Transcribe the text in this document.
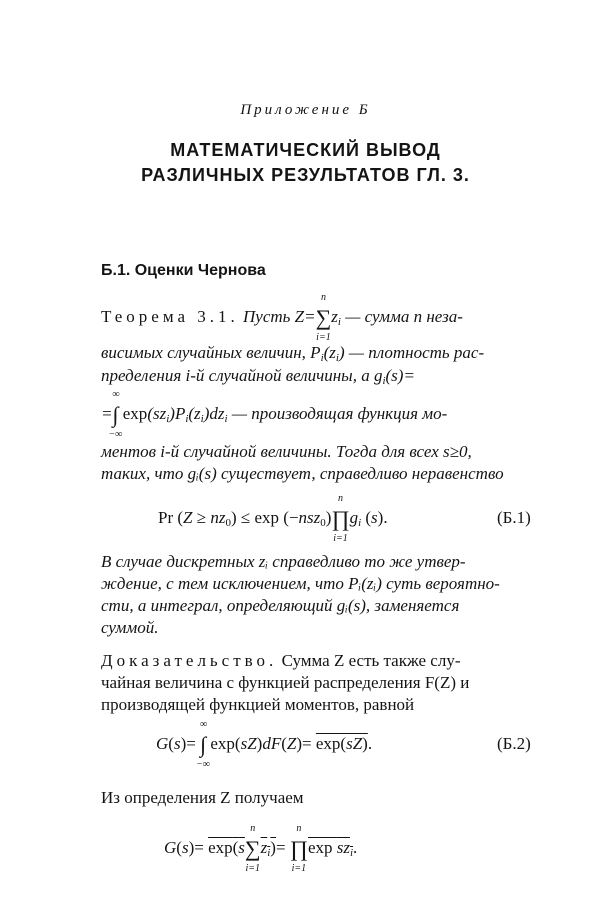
Приложение Б
МАТЕМАТИЧЕСКИЙ ВЫВОД
РАЗЛИЧНЫХ РЕЗУЛЬТАТОВ ГЛ. 3.
Б.1. Оценки Чернова
Теорема 3.1. Пусть Z=∑
n
i=1
$z_i$ — сумма n неза-
висимых случайных величин, $P_i(z_i)$ — плотность рас-
пределения i-й случайной величины, а $g_i(s)=$
=∫
∞
−∞
$\exp(sz_i)P_i(z_i)dz_i$ — производящая функция мо-
ментов i-й случайной величины. Тогда для всех s≥0,
таких, что gᵢ(s) существует, справедливо неравенство
Pr $(Z \ge nz_0) \le \exp$ (−nsz$_0$)∏
n
i=1
$g_i$ (s).	(Б.1)
В случае дискретных zᵢ справедливо то же утвер-
ждение, с тем исключением, что Pᵢ(zᵢ) суть вероятно-
сти, а интеграл, определяющий gᵢ(s), заменяется
суммой.
Доказательство. Сумма Z есть также слу-
чайная величина с функцией распределения F(Z) и
производящей функцией моментов, равной
G(s)= ∫
∞
−∞
exp(sZ)dF(Z)= exp(sZ).	(Б.2)
Из определения Z получаем
G(s)= exp(s∑
n
i=1
$z_i)=$ ∏
n
i=1
$\exp sz_i$.
